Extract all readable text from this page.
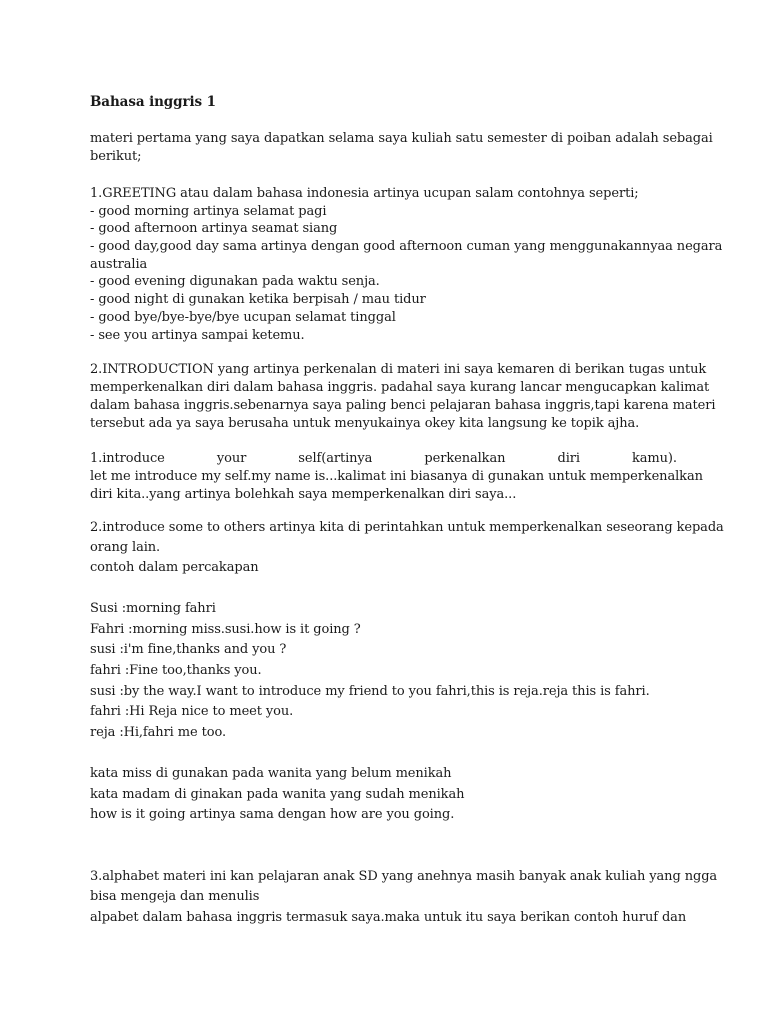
Bahasa inggris 1
materi pertama yang saya dapatkan selama saya kuliah satu semester di poiban adalah sebagai
berikut;
1.GREETING atau dalam bahasa indonesia artinya ucupan salam contohnya seperti;
- good morning artinya selamat pagi
- good afternoon artinya seamat siang
- good day,good day sama artinya dengan good afternoon cuman yang menggunakannyaa negara
australia
- good evening digunakan pada waktu senja.
- good night di gunakan ketika berpisah / mau tidur
- good bye/bye-bye/bye ucupan selamat tinggal
- see you artinya sampai ketemu.
2.INTRODUCTION yang artinya perkenalan di materi ini saya kemaren di berikan tugas untuk
memperkenalkan diri dalam bahasa inggris. padahal saya kurang lancar mengucapkan kalimat
dalam bahasa inggris.sebenarnya saya paling benci pelajaran bahasa inggris,tapi karena materi
tersebut ada ya saya berusaha untuk menyukainya okey kita langsung ke topik ajha.
1.introduce	your	self(artinya	perkenalkan	diri	kamu).
let me introduce my self.my name is...kalimat ini biasanya di gunakan untuk memperkenalkan
diri kita..yang artinya bolehkah saya memperkenalkan diri saya...
2.introduce some to others artinya kita di perintahkan untuk memperkenalkan seseorang kepada
orang lain.
contoh dalam percakapan
Susi :morning fahri
Fahri :morning miss.susi.how is it going ?
susi :i'm fine,thanks and you ?
fahri :Fine too,thanks you.
susi :by the way.I want to introduce my friend to you fahri,this is reja.reja this is fahri.
fahri :Hi Reja nice to meet you.
reja :Hi,fahri me too.
kata miss di gunakan pada wanita yang belum menikah
kata madam di ginakan pada wanita yang sudah menikah
how is it going artinya sama dengan how are you going.
3.alphabet materi ini kan pelajaran anak SD yang anehnya masih banyak anak kuliah yang ngga
bisa mengeja dan menulis
alpabet dalam bahasa inggris termasuk saya.maka untuk itu saya berikan contoh huruf dan
